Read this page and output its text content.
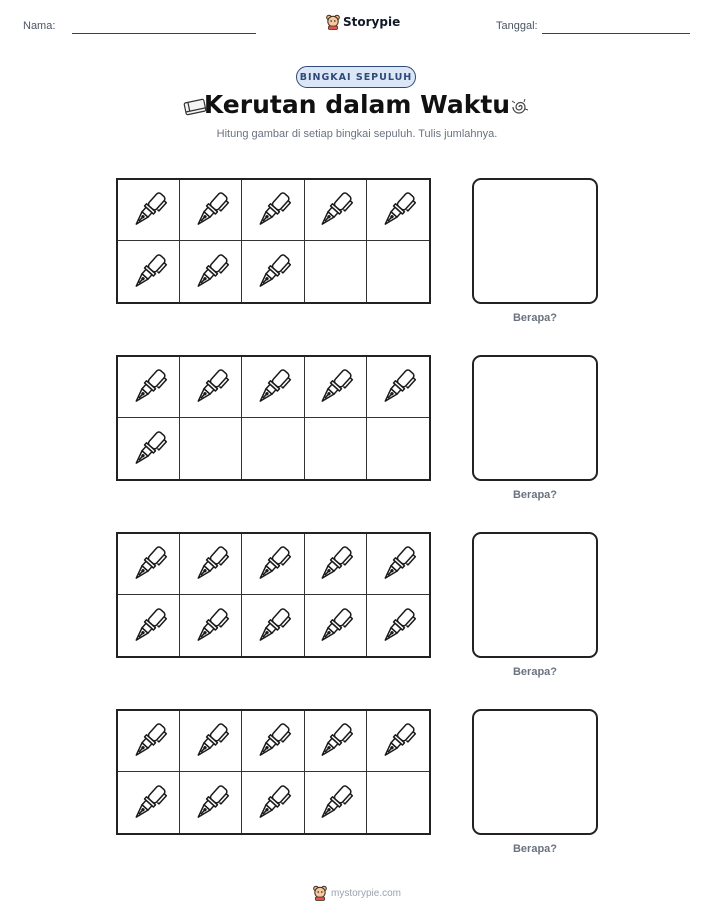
Nama:	Storypie	Tanggal:
BINGKAI SEPULUH
Kerutan dalam Waktu
Hitung gambar di setiap bingkai sepuluh. Tulis jumlahnya.
Berapa?
Berapa?
Berapa?
Berapa?
mystorypie.com
